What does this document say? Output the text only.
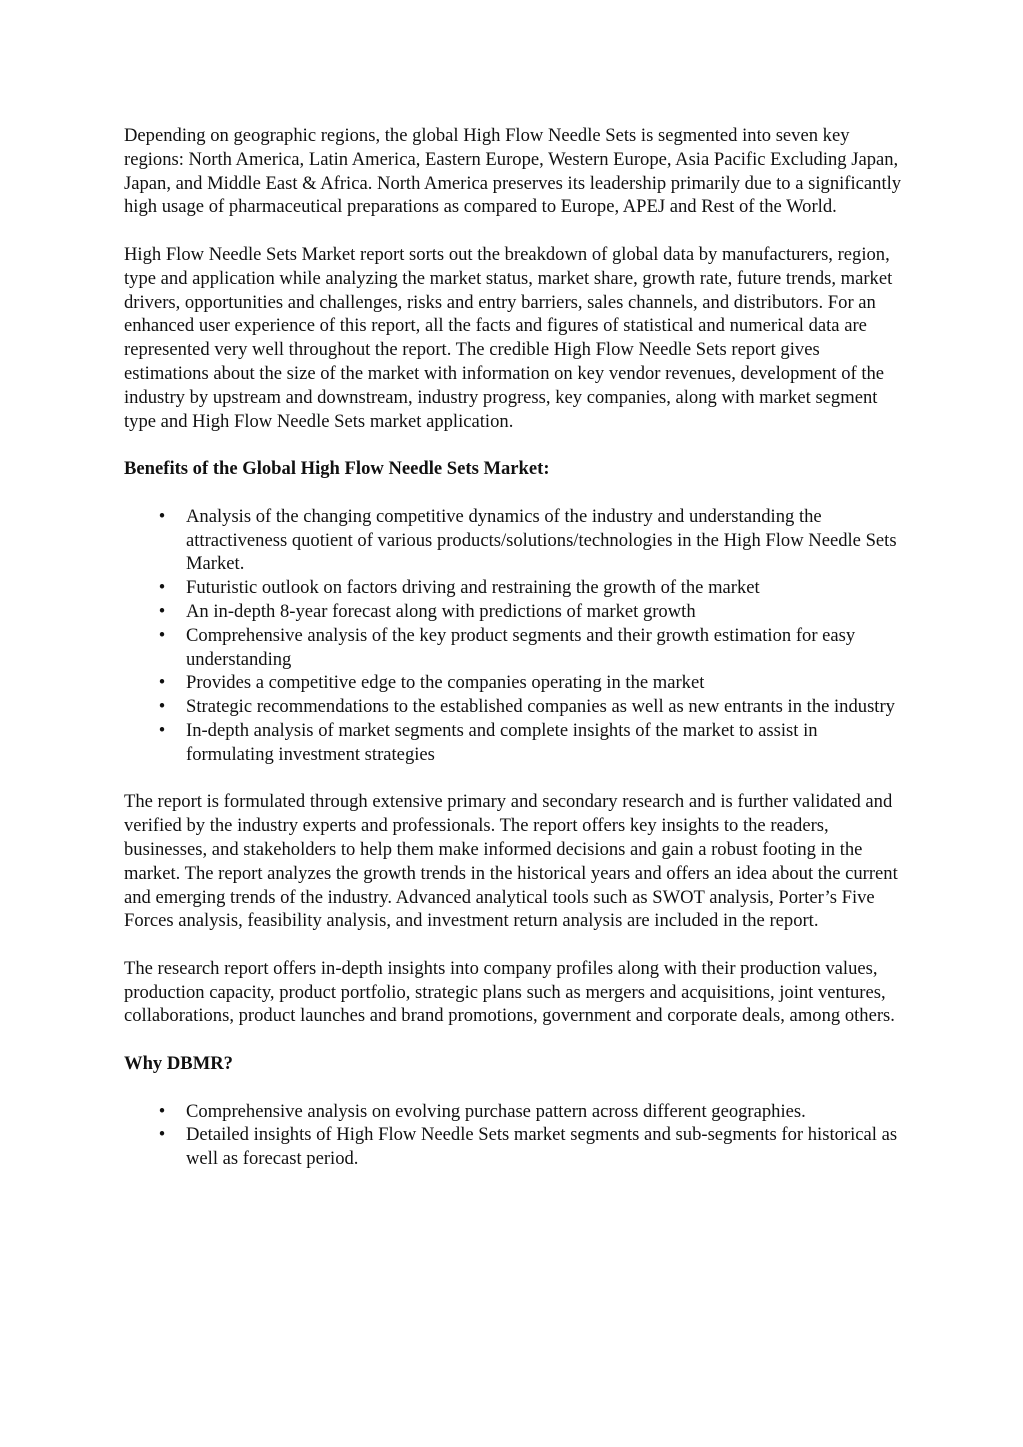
Depending on geographic regions, the global High Flow Needle Sets is segmented into seven key regions: North America, Latin America, Eastern Europe, Western Europe, Asia Pacific Excluding Japan, Japan, and Middle East & Africa. North America preserves its leadership primarily due to a significantly high usage of pharmaceutical preparations as compared to Europe, APEJ and Rest of the World.

High Flow Needle Sets Market report sorts out the breakdown of global data by manufacturers, region, type and application while analyzing the market status, market share, growth rate, future trends, market drivers, opportunities and challenges, risks and entry barriers, sales channels, and distributors. For an enhanced user experience of this report, all the facts and figures of statistical and numerical data are represented very well throughout the report. The credible High Flow Needle Sets report gives estimations about the size of the market with information on key vendor revenues, development of the industry by upstream and downstream, industry progress, key companies, along with market segment type and High Flow Needle Sets market application.

Benefits of the Global High Flow Needle Sets Market:

• Analysis of the changing competitive dynamics of the industry and understanding the attractiveness quotient of various products/solutions/technologies in the High Flow Needle Sets Market.
• Futuristic outlook on factors driving and restraining the growth of the market
• An in-depth 8-year forecast along with predictions of market growth
• Comprehensive analysis of the key product segments and their growth estimation for easy understanding
• Provides a competitive edge to the companies operating in the market
• Strategic recommendations to the established companies as well as new entrants in the industry
• In-depth analysis of market segments and complete insights of the market to assist in formulating investment strategies

The report is formulated through extensive primary and secondary research and is further validated and verified by the industry experts and professionals. The report offers key insights to the readers, businesses, and stakeholders to help them make informed decisions and gain a robust footing in the market. The report analyzes the growth trends in the historical years and offers an idea about the current and emerging trends of the industry. Advanced analytical tools such as SWOT analysis, Porter’s Five Forces analysis, feasibility analysis, and investment return analysis are included in the report.

The research report offers in-depth insights into company profiles along with their production values, production capacity, product portfolio, strategic plans such as mergers and acquisitions, joint ventures, collaborations, product launches and brand promotions, government and corporate deals, among others.

Why DBMR?

• Comprehensive analysis on evolving purchase pattern across different geographies.
• Detailed insights of High Flow Needle Sets market segments and sub-segments for historical as well as forecast period.
